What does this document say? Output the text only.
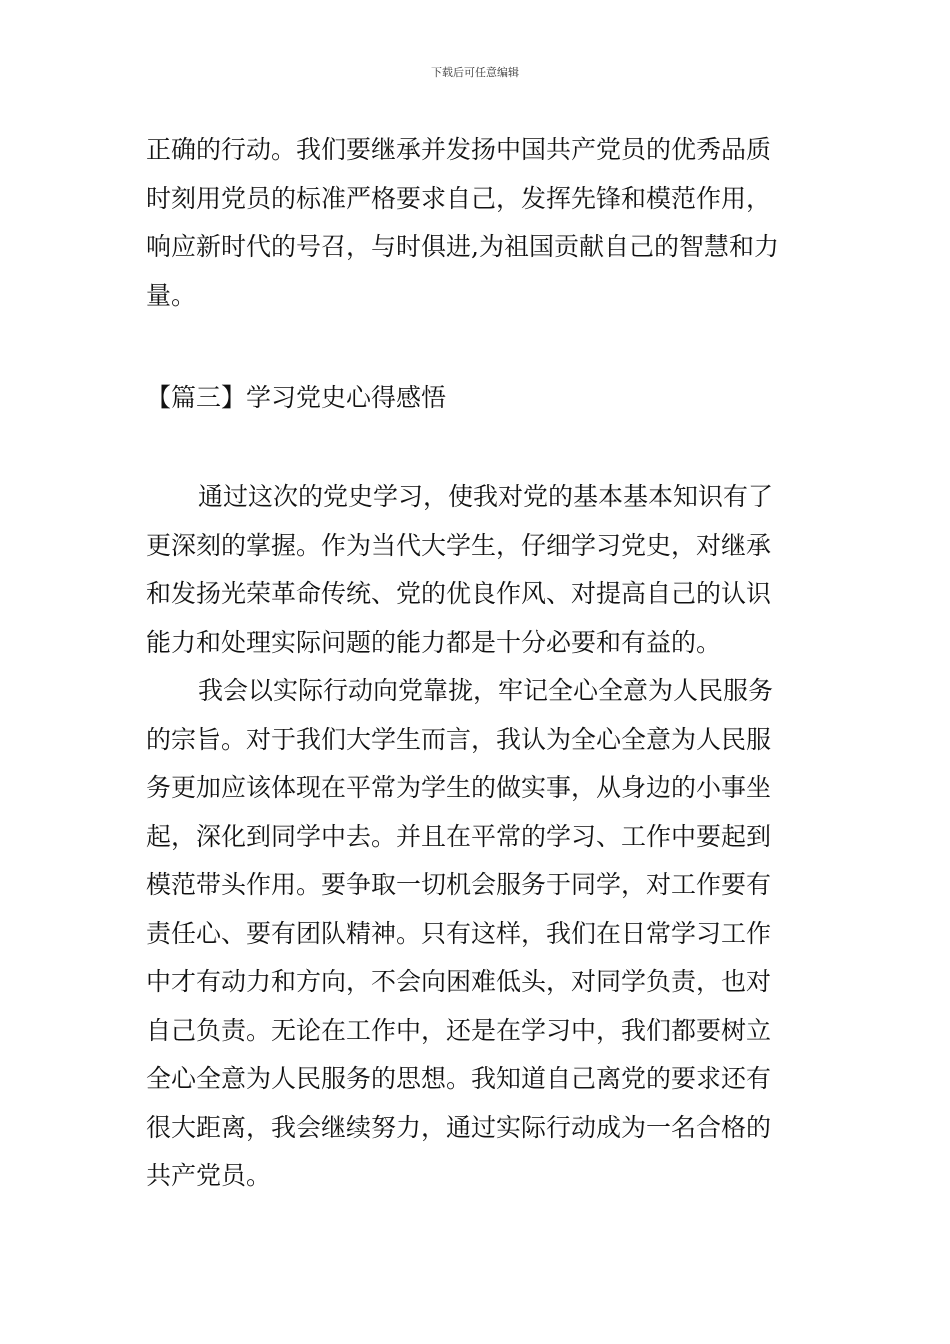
下载后可任意编辑
正确的行动。我们要继承并发扬中国共产党员的优秀品质
时刻用党员的标准严格要求自己，发挥先锋和模范作用，
响应新时代的号召，与时俱进,为祖国贡献自己的智慧和力
量。
【篇三】学习党史心得感悟
通过这次的党史学习，使我对党的基本基本知识有了
更深刻的掌握。作为当代大学生，仔细学习党史，对继承
和发扬光荣革命传统、党的优良作风、对提高自己的认识
能力和处理实际问题的能力都是十分必要和有益的。
我会以实际行动向党靠拢，牢记全心全意为人民服务
的宗旨。对于我们大学生而言，我认为全心全意为人民服
务更加应该体现在平常为学生的做实事，从身边的小事坐
起，深化到同学中去。并且在平常的学习、工作中要起到
模范带头作用。要争取一切机会服务于同学，对工作要有
责任心、要有团队精神。只有这样，我们在日常学习工作
中才有动力和方向，不会向困难低头，对同学负责，也对
自己负责。无论在工作中，还是在学习中，我们都要树立
全心全意为人民服务的思想。我知道自己离党的要求还有
很大距离，我会继续努力，通过实际行动成为一名合格的
共产党员。
